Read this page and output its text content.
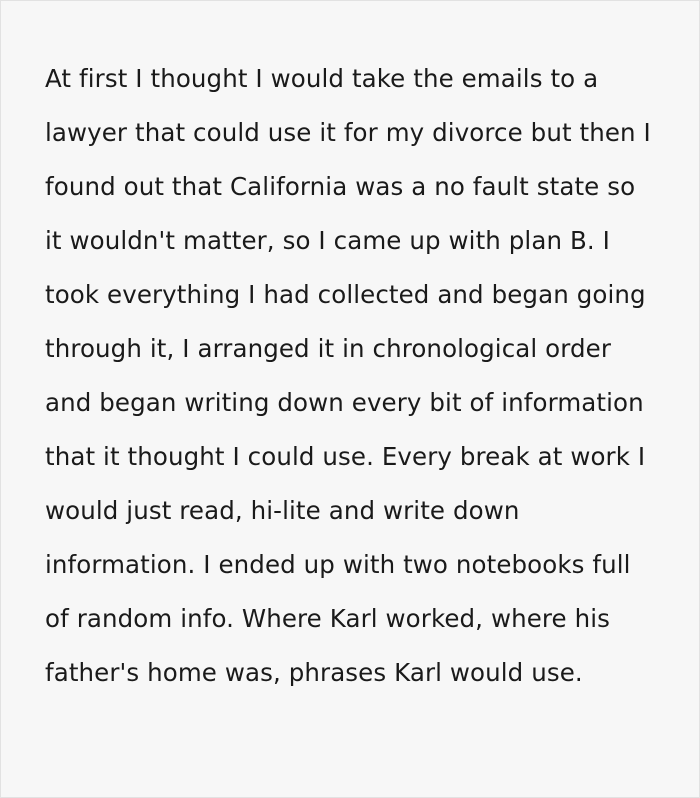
At first I thought I would take the emails to a lawyer that could use it for my divorce but then I found out that California was a no fault state so it wouldn't matter, so I came up with plan B. I took everything I had collected and began going through it, I arranged it in chronological order and began writing down every bit of information that it thought I could use. Every break at work I would just read, hi-lite and write down information. I ended up with two notebooks full of random info. Where Karl worked, where his father's home was, phrases Karl would use.
